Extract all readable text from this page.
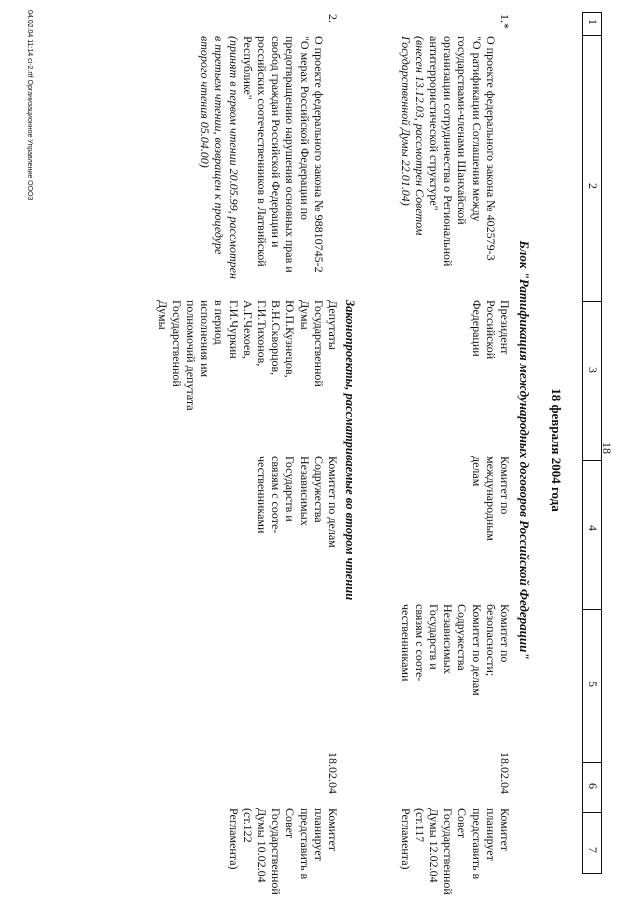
18
1
2
3
4
5
6
7
18 февраля 2004 года
Блок "Ратификация международных договоров Российской Федерации"
1.*

О проекте федерального закона № 402579-3
"О ратификации Соглашения между
государствами-членами Шанхайской
организации сотрудничества о Региональной
антитеррористической структуре"
(внесен 13.12.03, рассмотрен Советом
Государственной Думы 22.01.04)

Президент
Российской
Федерации
Комитет по
международным
делам
Комитет по
безопасности;
Комитет по делам
Содружества
Независимых
Государств и
связям с соотe-
чественниками
18.02.04
Комитет планирует
представить в Совет
Государственной
Думы 12.02.04
(ст.117 Регламента)
Законопроекты, рассматриваемые во втором чтении
2.

О проекте федерального закона № 98810745-2
"О мерах Российской Федерации по
предотвращению нарушения основных прав и
свобод граждан Российской Федерации и
российских соотечественников в Латвийской
Республике"
(принят в первом чтении 20.05.99, рассмотрен
в третьем чтении, возвращен к процедуре
второго чтения 05.04.00)

Депутаты
Государственной
Думы
Ю.П.Кузнецов,
В.Н.Скворцов,
Г.И.Тихонов,
А.Г.Чехоев,
Г.И.Чуркин
в период
исполнения им
полномочий депутата
Государственной
Думы
Комитет по делам
Содружества
Независимых
Государств и
связям с соотe-
чественниками
18.02.04
Комитет планирует
представить в Совет
Государственной
Думы 10.02.04
(ст.122 Регламента)
04.02.04 11:14 ci-2.rtf Организационное Управление ООО3
